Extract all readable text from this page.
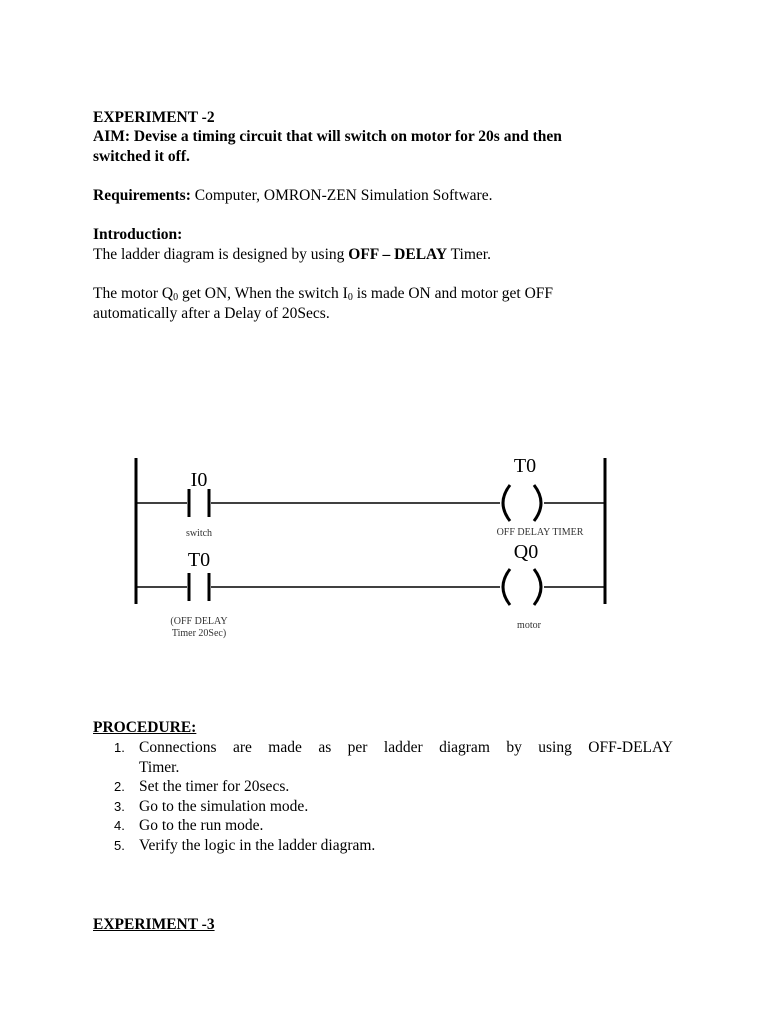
EXPERIMENT -2
AIM: Devise a timing circuit that will switch on motor for 20s and then
switched it off.
Requirements: Computer, OMRON-ZEN Simulation Software.
Introduction:
The ladder diagram is designed by using OFF – DELAY Timer.
The motor $Q_0$ get ON, When the switch $I_0$ is made ON and motor get OFF
automatically after a Delay of 20Secs.
I0
switch
T0
OFF DELAY TIMER
T0
(OFF DELAY
Timer 20Sec)
Q0
motor
PROCEDURE:
1. Connections are made as per ladder diagram by using OFF-DELAY
Timer.
2. Set the timer for 20secs.
3. Go to the simulation mode.
4. Go to the run mode.
5. Verify the logic in the ladder diagram.
EXPERIMENT -3
